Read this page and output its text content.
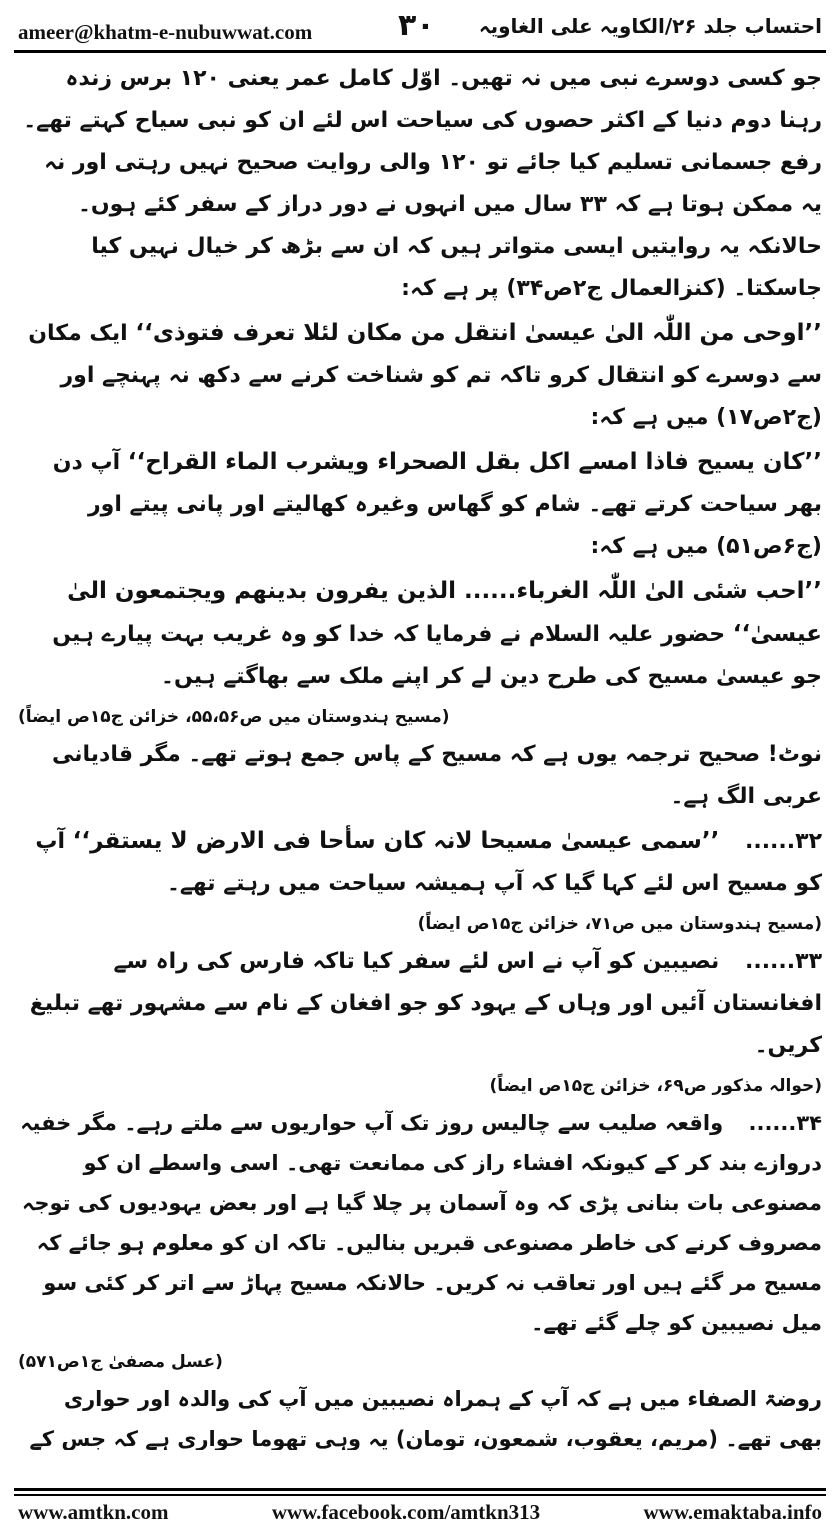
ameer@khatm-e-nubuwwat.com	۳۰ احتساب جلد ۲۶/الکاویہ علی الغاویہ

جو کسی دوسرے نبی میں نہ تھیں۔ اوّل کامل عمر یعنی ۱۲۰ برس زندہ رہنا دوم دنیا کے اکثر حصوں کی سیاحت اس لئے ان کو نبی سیاح کہتے تھے۔ رفع جسمانی تسلیم کیا جائے تو ۱۲۰ والی روایت صحیح نہیں رہتی اور نہ یہ ممکن ہوتا ہے کہ ۳۳ سال میں انہوں نے دور دراز کے سفر کئے ہوں۔ حالانکہ یہ روایتیں ایسی متواتر ہیں کہ ان سے بڑھ کر خیال نہیں کیا جاسکتا۔ (کنزالعمال ج۲ص۳۴) پر ہے کہ:

’’اوحی من اللّٰہ الیٰ عیسیٰ انتقل من مکان لئلا تعرف فتوذی‘‘ ایک مکان سے دوسرے کو انتقال کرو تاکہ تم کو شناخت کرنے سے دکھ نہ پہنچے اور (ج۲ص۱۷) میں ہے کہ:

’’کان یسیح فاذا امسے اکل بقل الصحراء ویشرب الماء القراح‘‘ آپ دن بھر سیاحت کرتے تھے۔ شام کو گھاس وغیرہ کھالیتے اور پانی پیتے اور (ج۶ص۵۱) میں ہے کہ:

’’احب شئی الیٰ اللّٰہ الغرباء...... الذین یفرون بدینھم ویجتمعون الیٰ عیسیٰ‘‘ حضور علیہ السلام نے فرمایا کہ خدا کو وہ غریب بہت پیارے ہیں جو عیسیٰ مسیح کی طرح دین لے کر اپنے ملک سے بھاگتے ہیں۔

(مسیح ہندوستان میں ص۵۵،۵۶، خزائن ج۱۵ص ایضاً)

نوٹ! صحیح ترجمہ یوں ہے کہ مسیح کے پاس جمع ہوتے تھے۔ مگر قادیانی عربی الگ ہے۔

۳۲...... ’’سمی عیسیٰ مسیحا لانہ کان سأحا فی الارض لا یستقر‘‘ آپ کو مسیح اس لئے کہا گیا کہ آپ ہمیشہ سیاحت میں رہتے تھے۔

(مسیح ہندوستان میں ص۷۱، خزائن ج۱۵ص ایضاً)

۳۳...... نصیبین کو آپ نے اس لئے سفر کیا تاکہ فارس کی راہ سے افغانستان آئیں اور وہاں کے یہود کو جو افغان کے نام سے مشہور تھے تبلیغ کریں۔

(حوالہ مذکور ص۶۹، خزائن ج۱۵ص ایضاً)

۳۴...... واقعہ صلیب سے چالیس روز تک آپ حواریوں سے ملتے رہے۔ مگر خفیہ دروازے بند کر کے کیونکہ افشاء راز کی ممانعت تھی۔ اسی واسطے ان کو مصنوعی بات بنانی پڑی کہ وہ آسمان پر چلا گیا ہے اور بعض یہودیوں کی توجہ مصروف کرنے کی خاطر مصنوعی قبریں بنالیں۔ تاکہ ان کو معلوم ہو جائے کہ مسیح مر گئے ہیں اور تعاقب نہ کریں۔ حالانکہ مسیح پہاڑ سے اتر کر کئی سو میل نصیبین کو چلے گئے تھے۔

(عسل مصفیٰ ج۱ص۵۷۱)

روضۃ الصفاء میں ہے کہ آپ کے ہمراہ نصیبین میں آپ کی والدہ اور حواری بھی تھے۔ (مریم، یعقوب، شمعون، تومان) یہ وہی تھوما حواری ہے کہ جس کے

www.amtkn.com	www.facebook.com/amtkn313	www.emaktaba.info
